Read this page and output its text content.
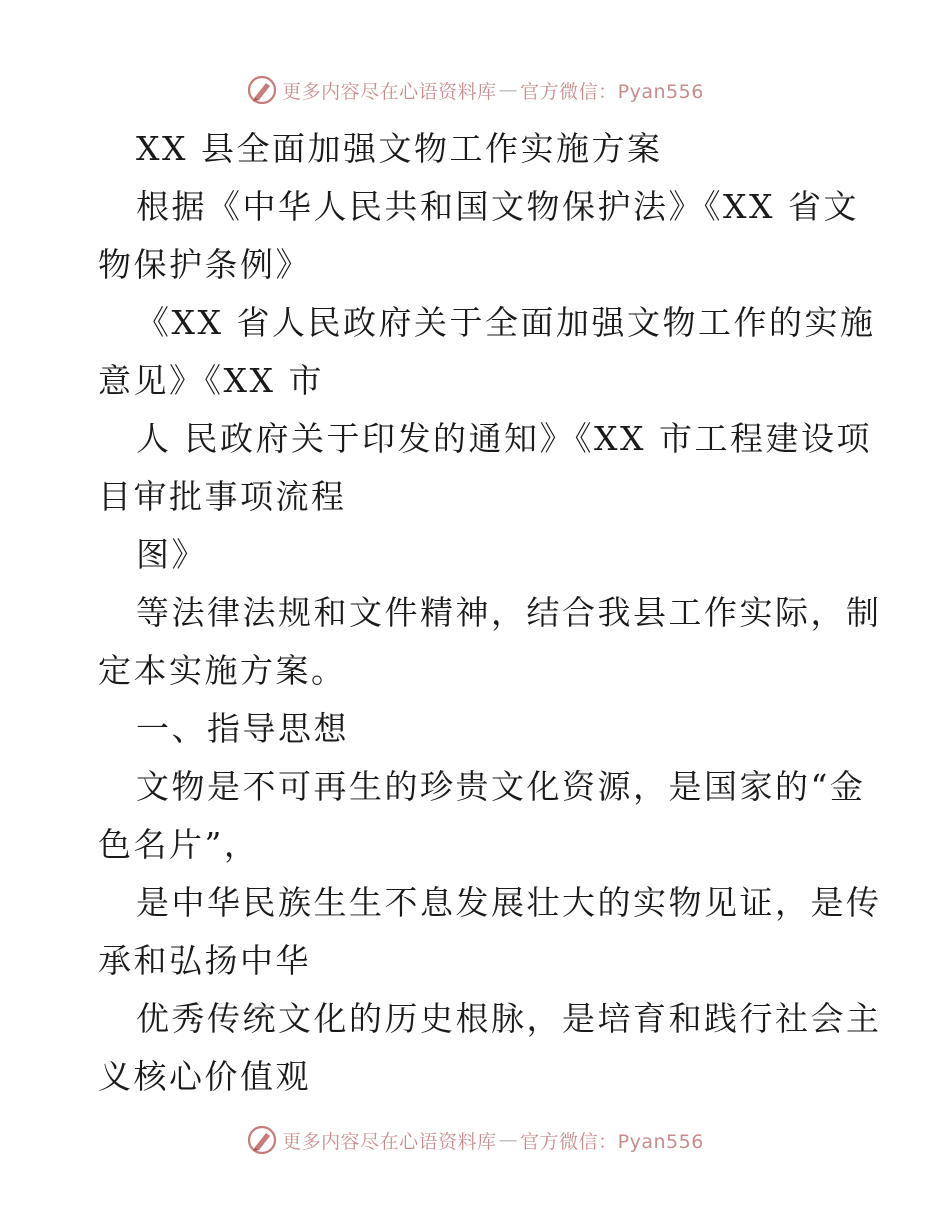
更多内容尽在心语资料库 — 官方微信：Pyan556

XX 县全面加强文物工作实施方案

根据《中华人民共和国文物保护法》《XX 省文

物保护条例》

《XX 省人民政府关于全面加强文物工作的实施

意见》《XX 市

人 民政府关于印发的通知》《XX 市工程建设项

目审批事项流程

图》

等法律法规和文件精神，结合我县工作实际，制

定本实施方案。

一、指导思想

文物是不可再生的珍贵文化资源，是国家的“金

色名片”，

是中华民族生生不息发展壮大的实物见证，是传

承和弘扬中华

优秀传统文化的历史根脉，是培育和践行社会主

义核心价值观

更多内容尽在心语资料库 — 官方微信：Pyan556
